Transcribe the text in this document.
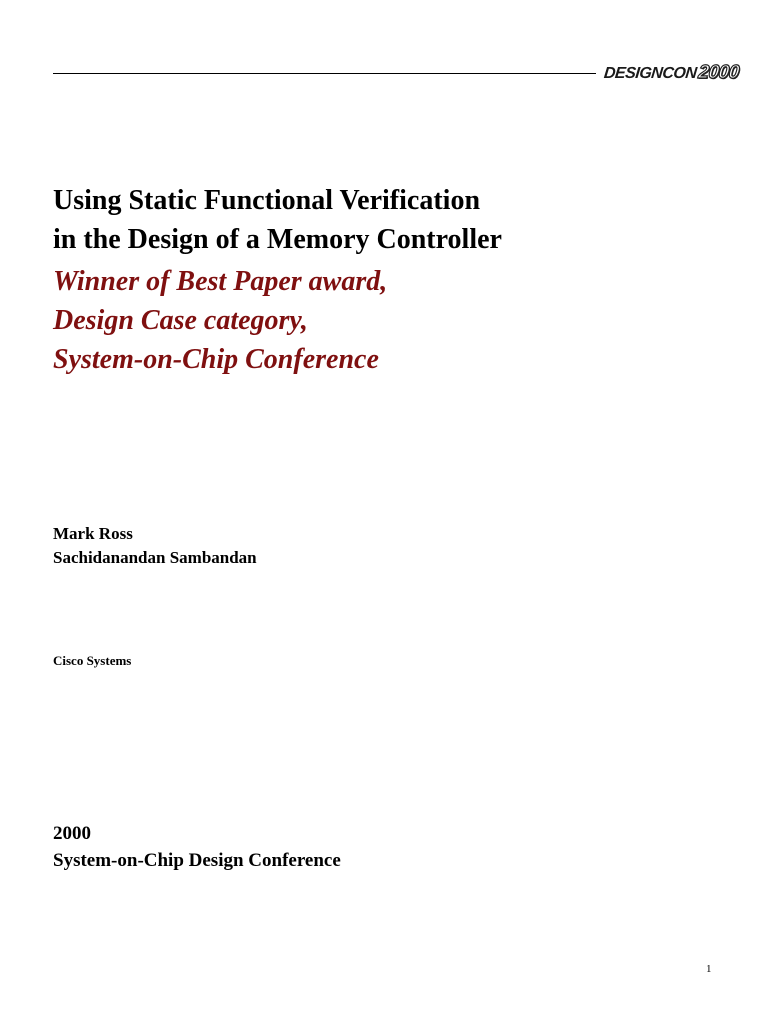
DESIGNCON2000
Using Static Functional Verification
in the Design of a Memory Controller
Winner of Best Paper award,
Design Case category,
System-on-Chip Conference
Mark Ross
Sachidanandan Sambandan
Cisco Systems
2000
System-on-Chip Design Conference
1
